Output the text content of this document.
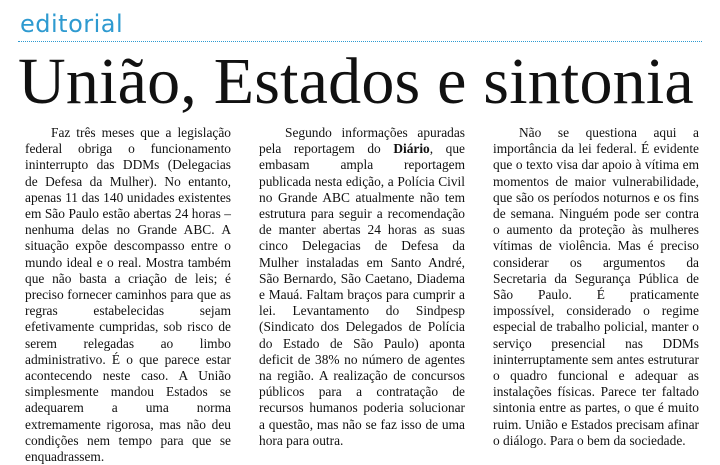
editorial
União, Estados e sintonia

Faz três meses que a legislação federal obriga o funcionamento ininterrupto das DDMs (Delegacias de Defesa da Mulher). No entanto, apenas 11 das 140 unidades existentes em São Paulo estão abertas 24 horas – nenhuma delas no Grande ABC. A situação expõe descompasso entre o mundo ideal e o real. Mostra também que não basta a criação de leis; é preciso fornecer caminhos para que as regras estabelecidas sejam efetivamente cumpridas, sob risco de serem relegadas ao limbo administrativo. É o que parece estar acontecendo neste caso. A União simplesmente mandou Estados se adequarem a uma norma extremamente rigorosa, mas não deu condições nem tempo para que se enquadrassem.

Segundo informações apuradas pela reportagem do Diário, que embasam ampla reportagem publicada nesta edição, a Polícia Civil no Grande ABC atualmente não tem estrutura para seguir a recomendação de manter abertas 24 horas as suas cinco Delegacias de Defesa da Mulher instaladas em Santo André, São Bernardo, São Caetano, Diadema e Mauá. Faltam braços para cumprir a lei. Levantamento do Sindpesp (Sindicato dos Delegados de Polícia do Estado de São Paulo) aponta deficit de 38% no número de agentes na região. A realização de concursos públicos para a contratação de recursos humanos poderia solucionar a questão, mas não se faz isso de uma hora para outra.

Não se questiona aqui a importância da lei federal. É evidente que o texto visa dar apoio à vítima em momentos de maior vulnerabilidade, que são os períodos noturnos e os fins de semana. Ninguém pode ser contra o aumento da proteção às mulheres vítimas de violência. Mas é preciso considerar os argumentos da Secretaria da Segurança Pública de São Paulo. É praticamente impossível, considerado o regime especial de trabalho policial, manter o serviço presencial nas DDMs ininterruptamente sem antes estruturar o quadro funcional e adequar as instalações físicas. Parece ter faltado sintonia entre as partes, o que é muito ruim. União e Estados precisam afinar o diálogo. Para o bem da sociedade.
